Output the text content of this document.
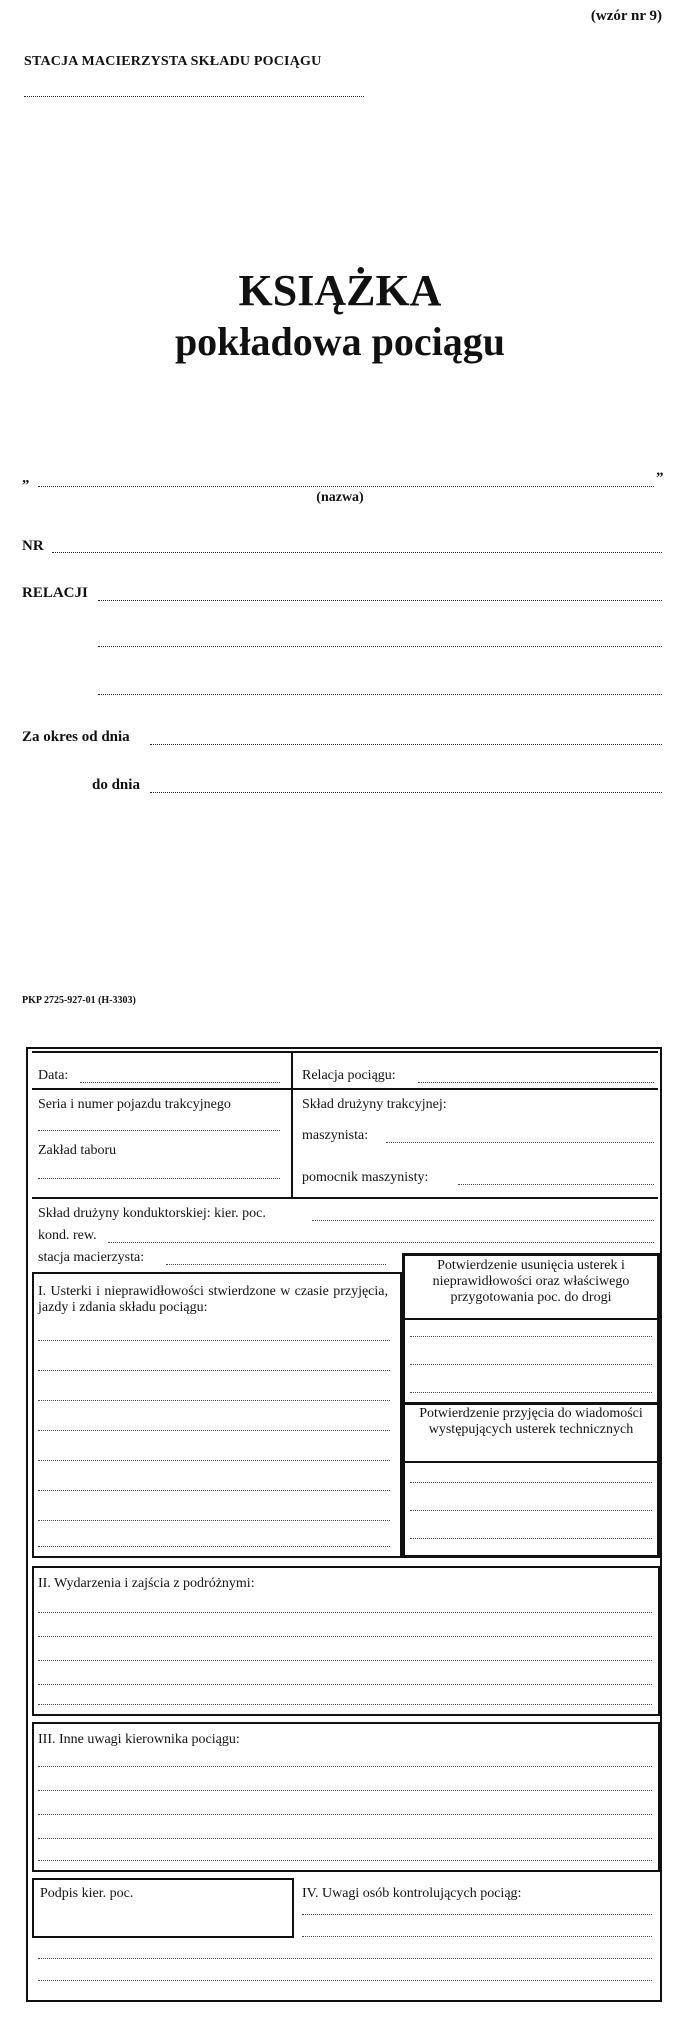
(wzór nr 9)
STACJA MACIERZYSTA SKŁADU POCIĄGU
KSIĄŻKA
pokładowa pociągu
„	”
(nazwa)
NR
RELACJI
Za okres od dnia
do dnia
PKP 2725-927-01 (H-3303)
Data:	Relacja pociągu:
Seria i numer pojazdu trakcyjnego
Zakład taboru
Skład drużyny trakcyjnej:
maszynista:
pomocnik maszynisty:
Skład drużyny konduktorskiej: kier. poc.
kond. rew.
stacja macierzysta:
I. Usterki i nieprawidłowości stwierdzone w czasie przyjęcia, jazdy i zdania składu pociągu:
Potwierdzenie usunięcia usterek i nieprawidłowości oraz właściwego przygotowania poc. do drogi
Potwierdzenie przyjęcia do wiadomości występujących usterek technicznych
II. Wydarzenia i zajścia z podróżnymi:
III. Inne uwagi kierownika pociągu:
Podpis kier. poc.	IV. Uwagi osób kontrolujących pociąg:
